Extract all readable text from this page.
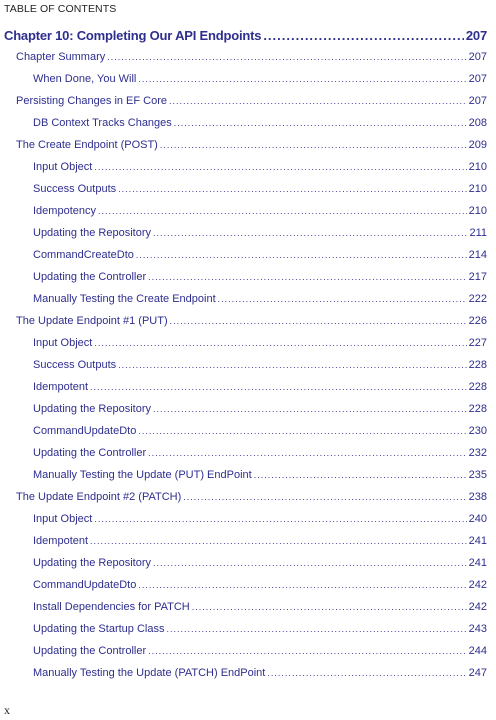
TABLE OF CONTENTS
Chapter 10: Completing Our API Endpoints .....	207
Chapter Summary .....	207
When Done, You Will .....	207
Persisting Changes in EF Core .....	207
DB Context Tracks Changes .....	208
The Create Endpoint (POST) .....	209
Input Object .....	210
Success Outputs .....	210
Idempotency .....	210
Updating the Repository .....	211
CommandCreateDto .....	214
Updating the Controller .....	217
Manually Testing the Create Endpoint .....	222
The Update Endpoint #1 (PUT) .....	226
Input Object .....	227
Success Outputs .....	228
Idempotent .....	228
Updating the Repository .....	228
CommandUpdateDto .....	230
Updating the Controller .....	232
Manually Testing the Update (PUT) EndPoint .....	235
The Update Endpoint #2 (PATCH) .....	238
Input Object .....	240
Idempotent .....	241
Updating the Repository .....	241
CommandUpdateDto .....	242
Install Dependencies for PATCH .....	242
Updating the Startup Class .....	243
Updating the Controller .....	244
Manually Testing the Update (PATCH) EndPoint .....	247
x
